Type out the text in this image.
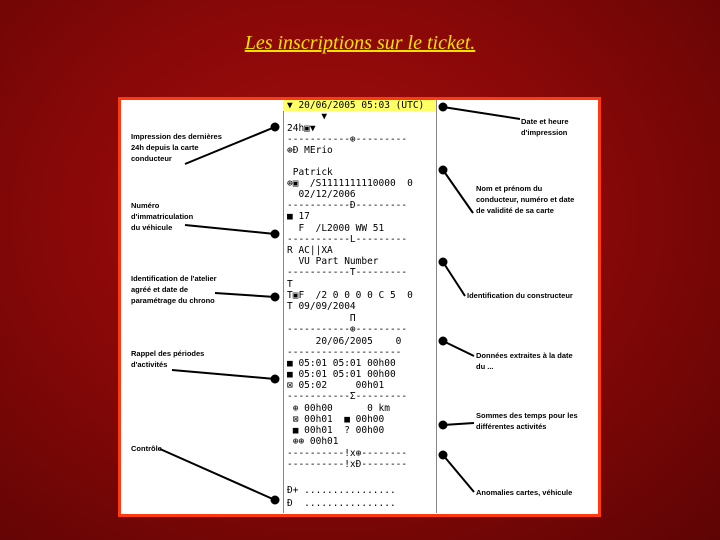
Les inscriptions sur le ticket.
▼ 20/06/2005 05:03 (UTC)
▼
24h▣▼
-----------⊕---------
⊕Ð MErio
Patrick
⊕▣  /S1111111110000  0
02/12/2006
-----------Ð---------
■ 17
F  /L2000 WW 51
-----------L---------
R AC||XA
VU Part Number
-----------T---------
T
T▣F  /2 0 0 0 0 C 5  0
T 09/09/2004
Π
-----------⊕---------
20/06/2005    0
--------------------
■ 05:01 05:01 00h00
■ 05:01 05:01 00h00
⊠ 05:02     00h01
-----------Σ---------
⊕ 00h00      0 km
⊠ 00h01  ■ 00h00
■ 00h01  ? 00h00
⊕⊕ 00h01
----------!x⊕--------
----------!xÐ--------
Ð+ ................
Ð  ................
Impression des dernières
24h depuis la carte
conducteur
Numéro
d'immatriculation
du véhicule
Identification de l'atelier
agréé et date de
paramétrage du chrono
Rappel des périodes
d'activités
Contrôle
Date et heure
d'impression
Nom et prénom du
conducteur, numéro et date
de validité de sa carte
Identification du constructeur
Données extraites à la date
du ...
Sommes des temps pour les
différentes activités
Anomalies cartes, véhicule
